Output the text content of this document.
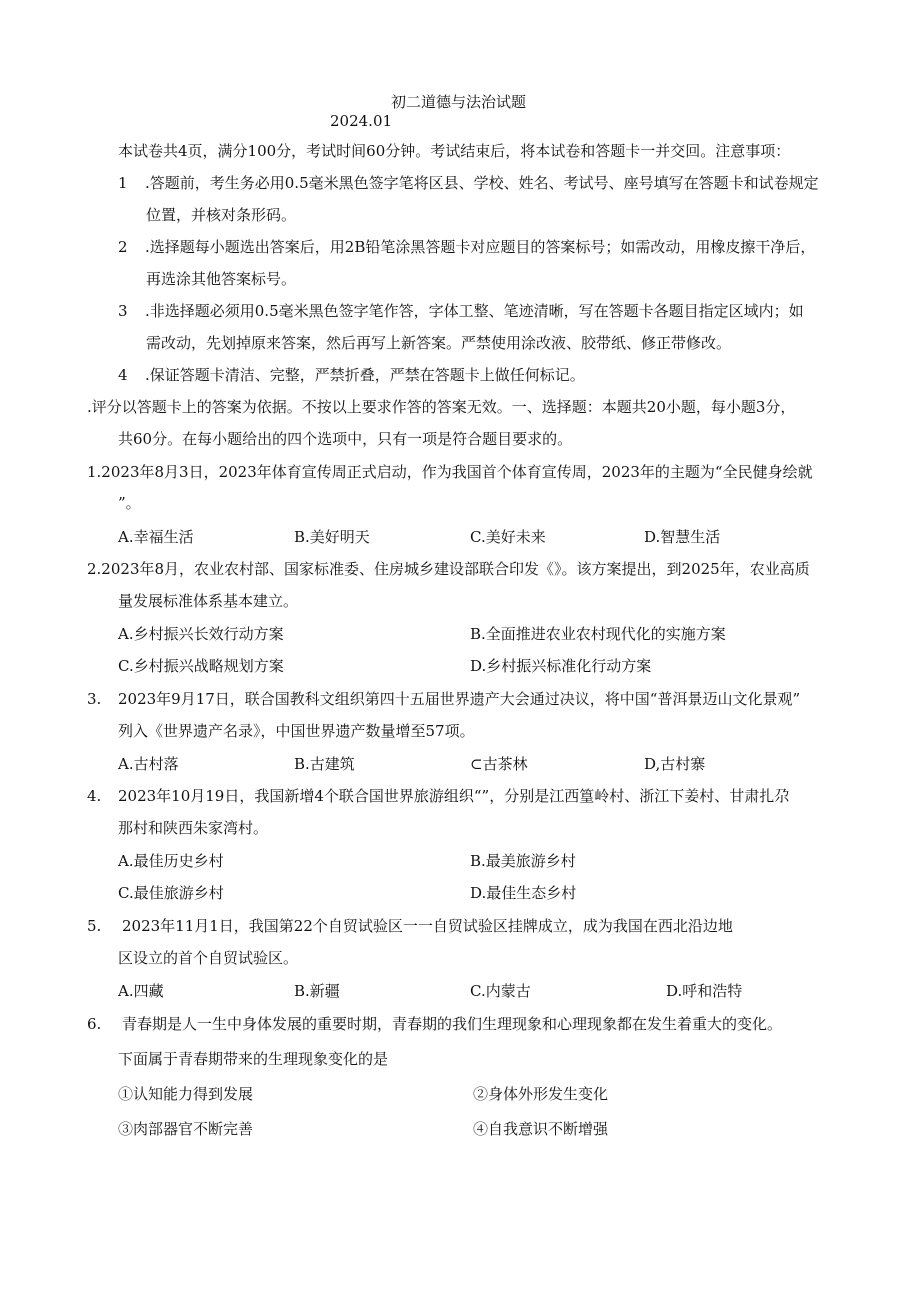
初二道德与法治试题
2024.01
本试卷共4页，满分100分，考试时间60分钟。考试结束后，将本试卷和答题卡一并交回。注意事项：
1 .答题前，考生务必用0.5毫米黑色签字笔将区县、学校、姓名、考试号、座号填写在答题卡和试卷规定
位置，并核对条形码。
2 .选择题每小题选出答案后，用2B铅笔涂黑答题卡对应题目的答案标号；如需改动，用橡皮擦干净后，
再选涂其他答案标号。
3 .非选择题必须用0.5毫米黑色签字笔作答，字体工整、笔迹清晰，写在答题卡各题目指定区域内；如
需改动，先划掉原来答案，然后再写上新答案。严禁使用涂改液、胶带纸、修正带修改。
4 .保证答题卡清洁、完整，严禁折叠，严禁在答题卡上做任何标记。
.评分以答题卡上的答案为依据。不按以上要求作答的答案无效。一、选择题：本题共20小题，每小题3分，
共60分。在每小题给出的四个选项中，只有一项是符合题目要求的。
1.2023年8月3日，2023年体育宣传周正式启动，作为我国首个体育宣传周，2023年的主题为“全民健身绘就
”。
A.幸福生活	B.美好明天	C.美好未来	D.智慧生活
2.2023年8月，农业农村部、国家标准委、住房城乡建设部联合印发《》。该方案提出，到2025年，农业高质
量发展标准体系基本建立。
A.乡村振兴长效行动方案	B.全面推进农业农村现代化的实施方案
C.乡村振兴战略规划方案	D.乡村振兴标准化行动方案
3. 2023年9月17日，联合国教科文组织第四十五届世界遗产大会通过决议，将中国“普洱景迈山文化景观”
列入《世界遗产名录》，中国世界遗产数量增至57项。
A.古村落	B.古建筑	⊂古茶林	D,古村寨
4. 2023年10月19日，我国新增4个联合国世界旅游组织“”，分别是江西篁岭村、浙江下姜村、甘肃扎尕
那村和陕西朱家湾村。
A.最佳历史乡村	B.最美旅游乡村
C.最佳旅游乡村	D.最佳生态乡村
5. 2023年11月1日，我国第22个自贸试验区一一自贸试验区挂牌成立，成为我国在西北沿边地
区设立的首个自贸试验区。
A.四藏	B.新疆	C.内蒙古	D.呼和浩特
6. 青春期是人一生中身体发展的重要时期，青春期的我们生理现象和心理现象都在发生着重大的变化。
下面属于青春期带来的生理现象变化的是
①认知能力得到发展	②身体外形发生变化
③肉部器官不断完善	④自我意识不断增强
